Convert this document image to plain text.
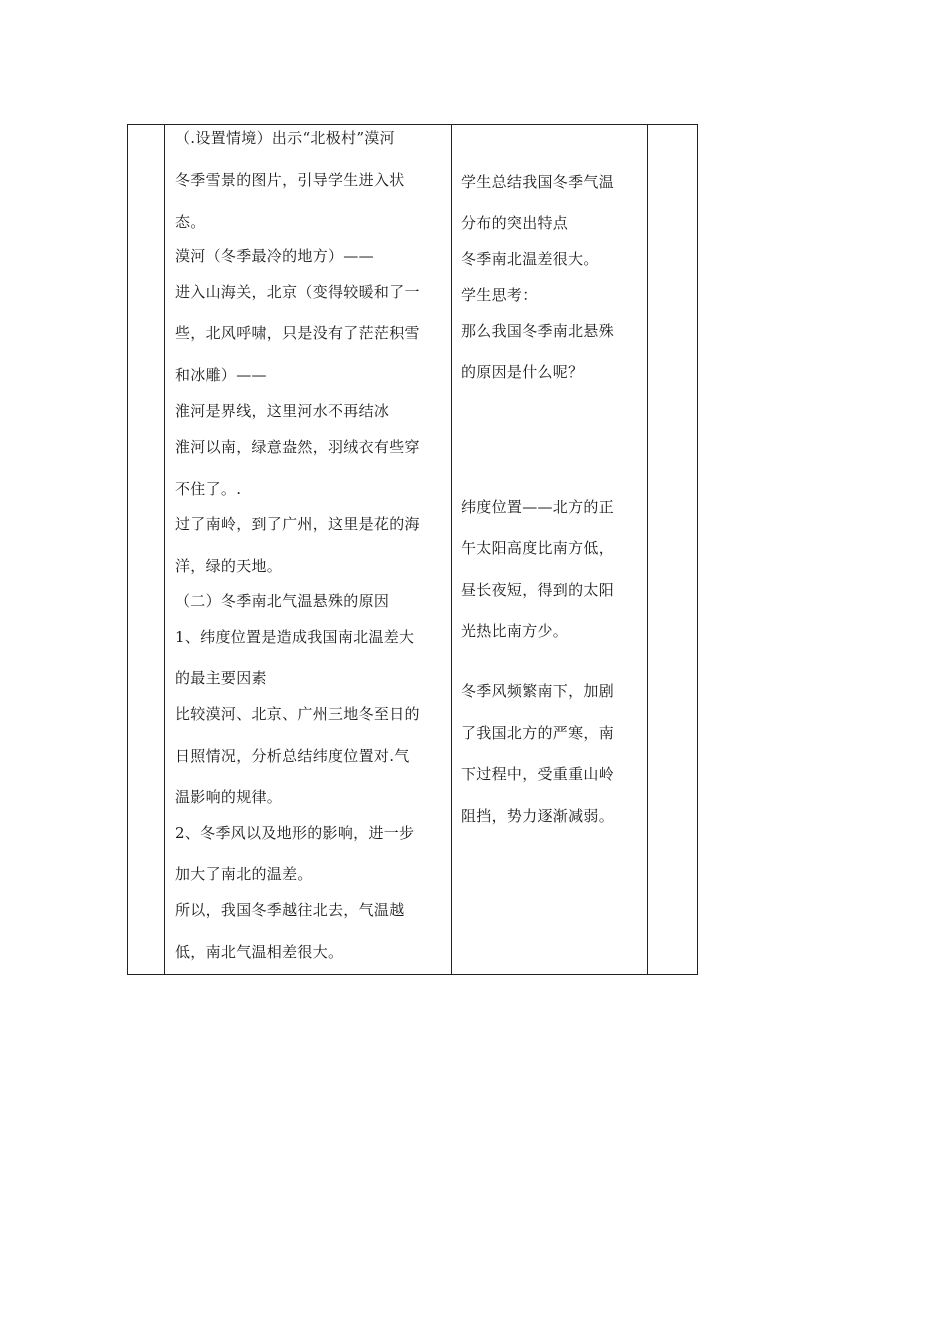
（.设置情境）出示“北极村”漠河
冬季雪景的图片，引导学生进入状
态。
漠河（冬季最冷的地方）——
进入山海关，北京（变得较暖和了一
些，北风呼啸，只是没有了茫茫积雪
和冰雕）——
淮河是界线，这里河水不再结冰
淮河以南，绿意盎然，羽绒衣有些穿
不住了。.
过了南岭，到了广州，这里是花的海
洋，绿的天地。
（二）冬季南北气温悬殊的原因
1、纬度位置是造成我国南北温差大
的最主要因素
比较漠河、北京、广州三地冬至日的
日照情况，分析总结纬度位置对.气
温影响的规律。
2、冬季风以及地形的影响，进一步
加大了南北的温差。
所以，我国冬季越往北去，气温越
低，南北气温相差很大。
学生总结我国冬季气温
分布的突出特点
冬季南北温差很大。
学生思考：
那么我国冬季南北悬殊
的原因是什么呢？
纬度位置——北方的正
午太阳高度比南方低，
昼长夜短，得到的太阳
光热比南方少。
冬季风频繁南下，加剧
了我国北方的严寒，南
下过程中，受重重山岭
阻挡，势力逐渐减弱。
